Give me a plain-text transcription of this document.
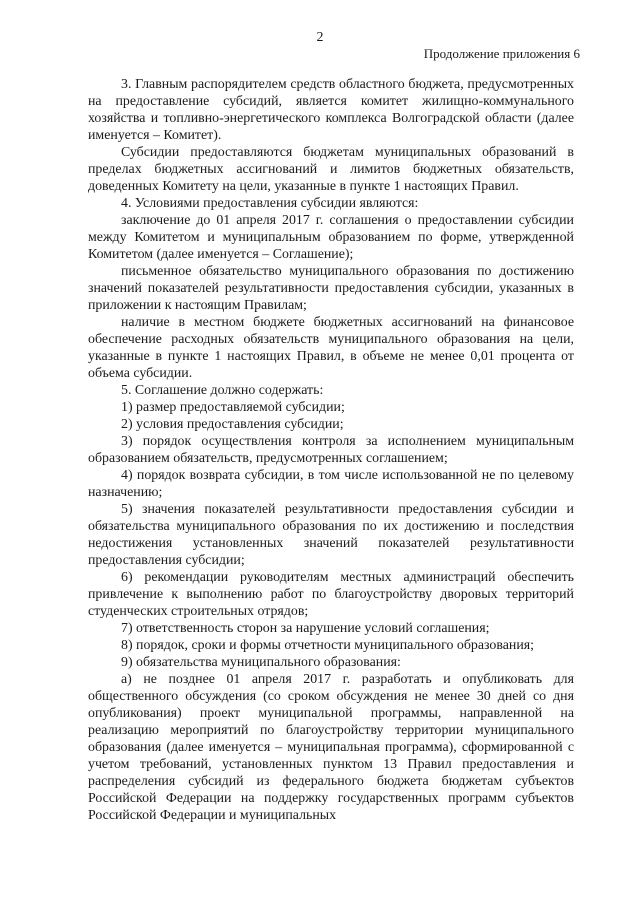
2
Продолжение приложения 6

3. Главным распорядителем средств областного бюджета, предусмотренных на предоставление субсидий, является комитет жилищно-коммунального хозяйства и топливно-энергетического комплекса Волгоградской области (далее именуется – Комитет).

Субсидии предоставляются бюджетам муниципальных образований в пределах бюджетных ассигнований и лимитов бюджетных обязательств, доведенных Комитету на цели, указанные в пункте 1 настоящих Правил.

4. Условиями предоставления субсидии являются:

заключение до 01 апреля 2017 г. соглашения о предоставлении субсидии между Комитетом и муниципальным образованием по форме, утвержденной Комитетом (далее именуется – Соглашение);

письменное обязательство муниципального образования по достижению значений показателей результативности предоставления субсидии, указанных в приложении к настоящим Правилам;

наличие в местном бюджете бюджетных ассигнований на финансовое обеспечение расходных обязательств муниципального образования на цели, указанные в пункте 1 настоящих Правил, в объеме не менее 0,01 процента от объема субсидии.

5. Соглашение должно содержать:

1) размер предоставляемой субсидии;

2) условия предоставления субсидии;

3) порядок осуществления контроля за исполнением муниципальным образованием обязательств, предусмотренных соглашением;

4) порядок возврата субсидии, в том числе использованной не по целевому назначению;

5) значения показателей результативности предоставления субсидии и обязательства муниципального образования по их достижению и последствия недостижения установленных значений показателей результативности предоставления субсидии;

6) рекомендации руководителям местных администраций обеспечить привлечение к выполнению работ по благоустройству дворовых территорий студенческих строительных отрядов;

7) ответственность сторон за нарушение условий соглашения;

8) порядок, сроки и формы отчетности муниципального образования;

9) обязательства муниципального образования:

а) не позднее 01 апреля 2017 г. разработать и опубликовать для общественного обсуждения (со сроком обсуждения не менее 30 дней со дня опубликования) проект муниципальной программы, направленной на реализацию мероприятий по благоустройству территории муниципального образования (далее именуется – муниципальная программа), сформированной с учетом требований, установленных пунктом 13 Правил предоставления и распределения субсидий из федерального бюджета бюджетам субъектов Российской Федерации на поддержку государственных программ субъектов Российской Федерации и муниципальных
